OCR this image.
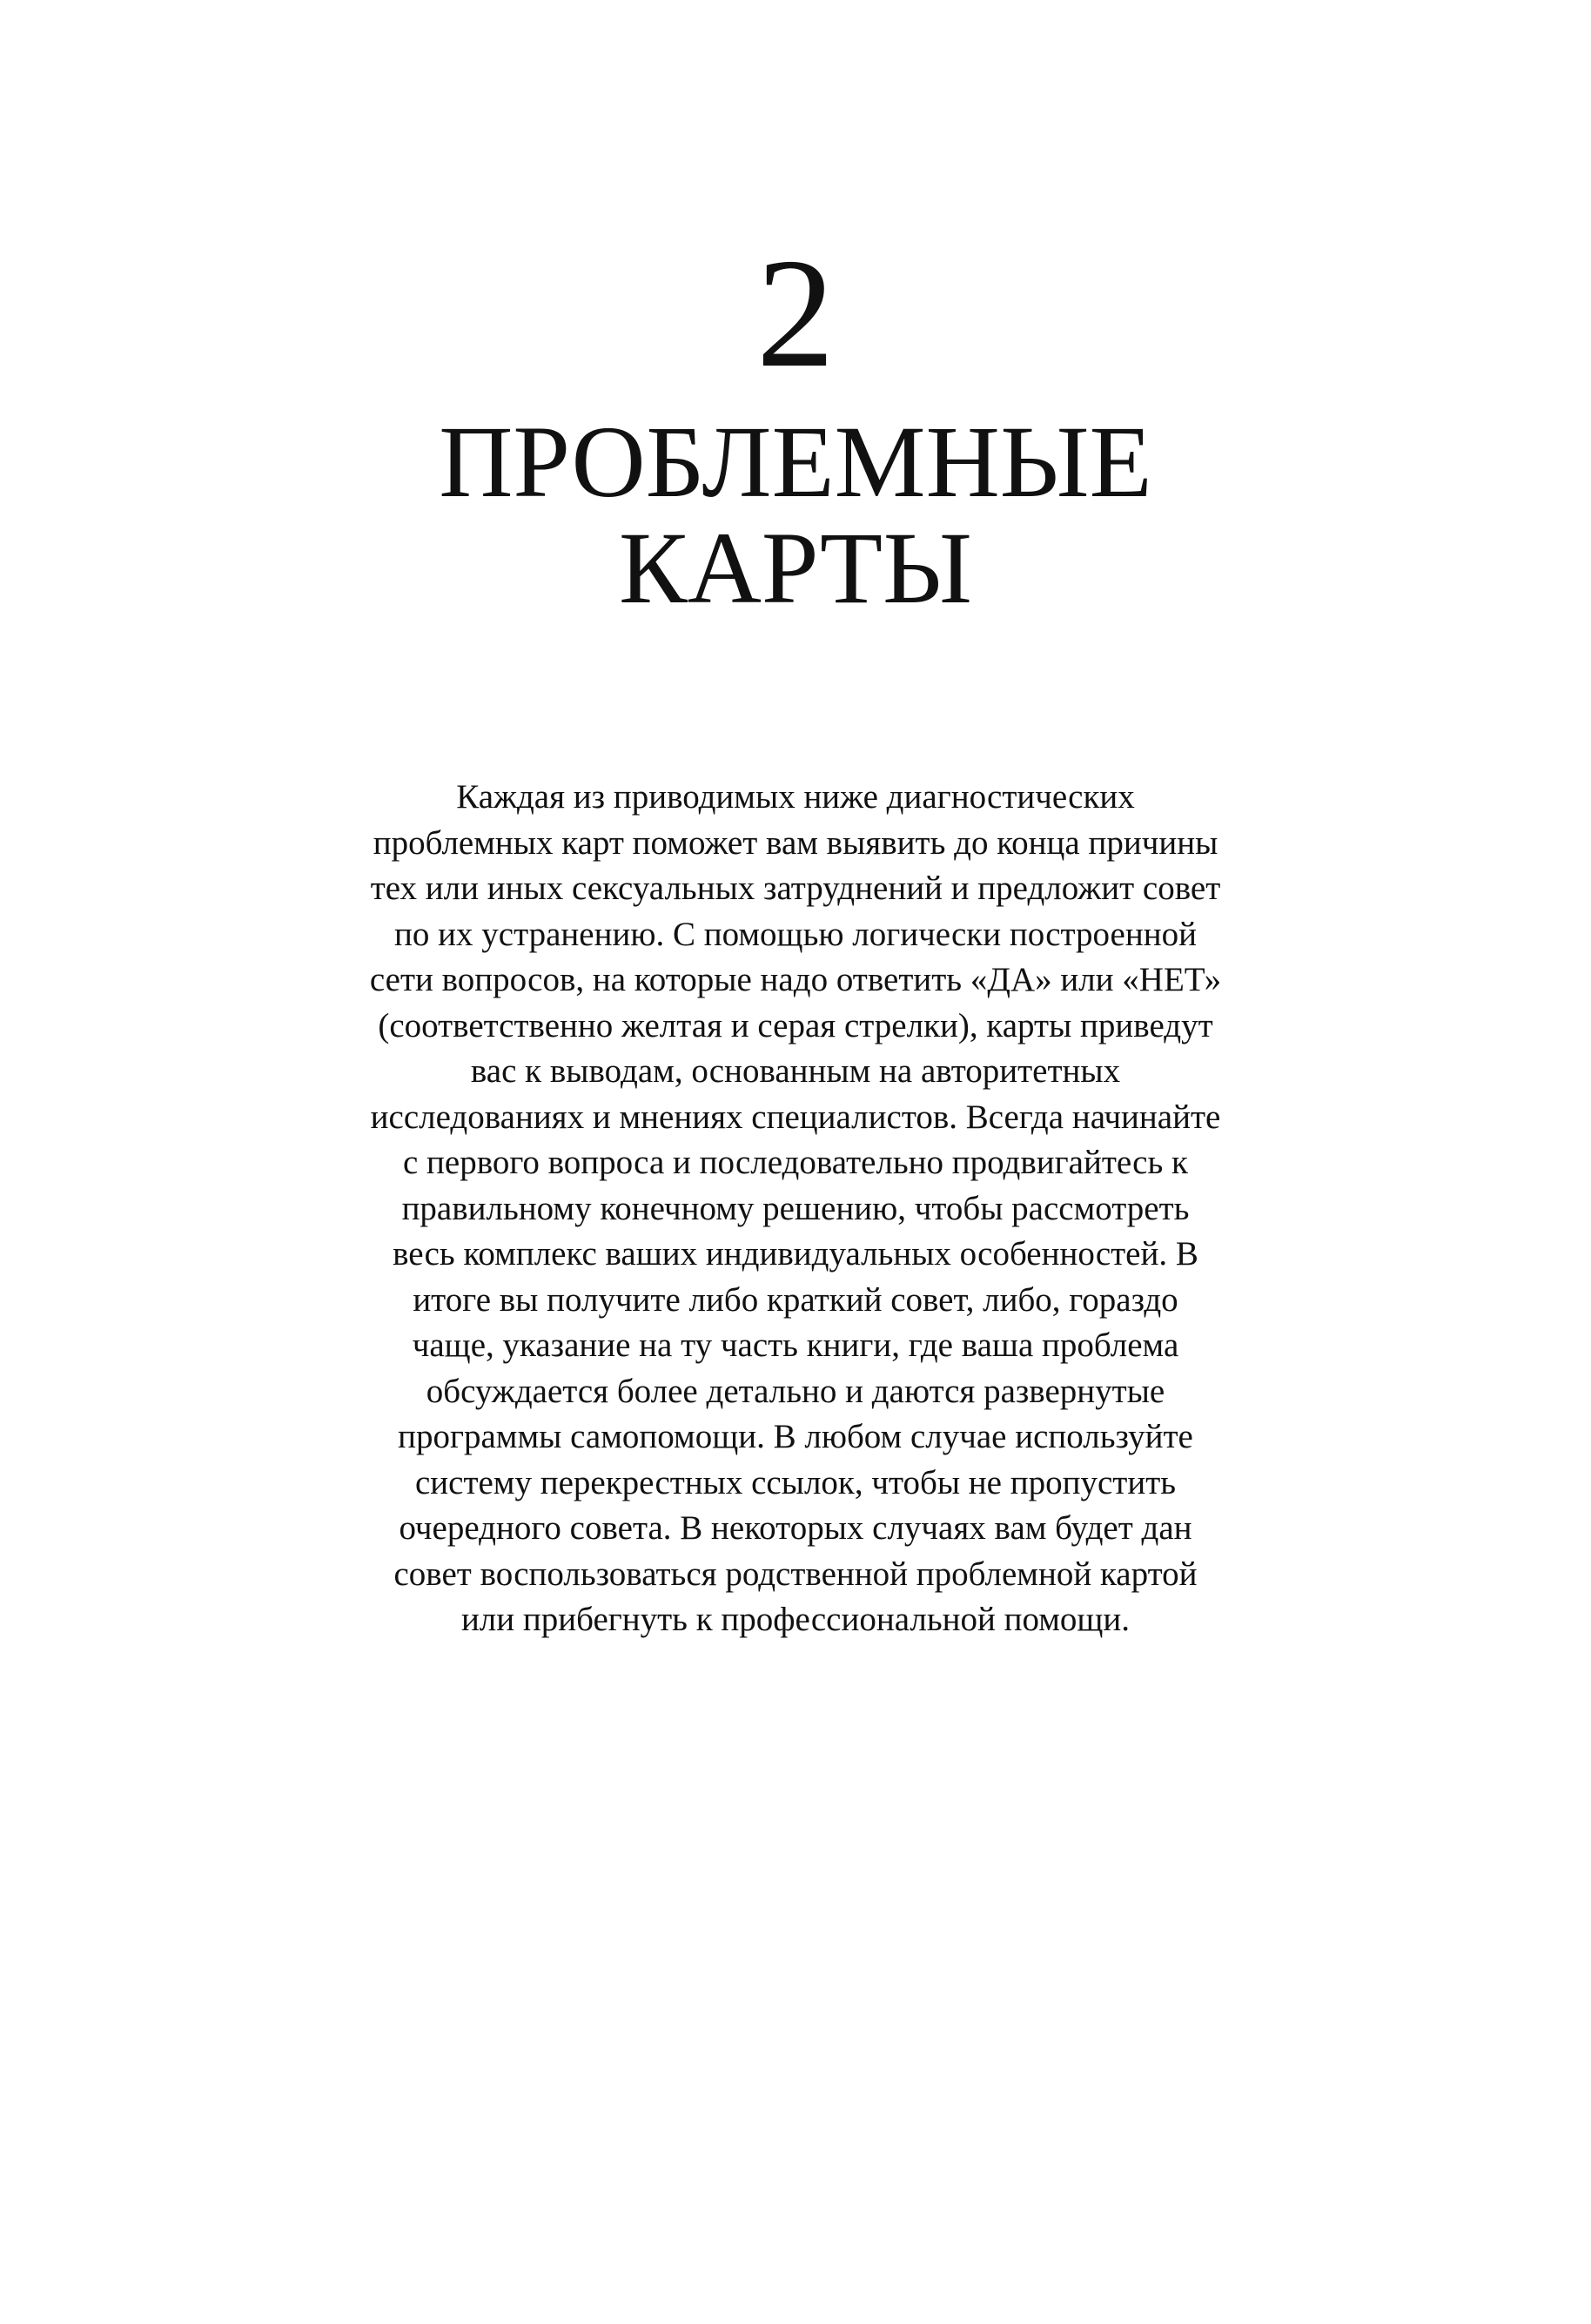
2
ПРОБЛЕМНЫЕ
КАРТЫ

Каждая из приводимых ниже диагностических
проблемных карт поможет вам выявить до конца причины
тех или иных сексуальных затруднений и предложит совет
по их устранению. С помощью логически построенной
сети вопросов, на которые надо ответить «ДА» или «НЕТ»
(соответственно желтая и серая стрелки), карты приведут
вас к выводам, основанным на авторитетных
исследованиях и мнениях специалистов. Всегда начинайте
с первого вопроса и последовательно продвигайтесь к
правильному конечному решению, чтобы рассмотреть
весь комплекс ваших индивидуальных особенностей. В
итоге вы получите либо краткий совет, либо, гораздо
чаще, указание на ту часть книги, где ваша проблема
обсуждается более детально и даются развернутые
программы самопомощи. В любом случае используйте
систему перекрестных ссылок, чтобы не пропустить
очередного совета. В некоторых случаях вам будет дан
совет воспользоваться родственной проблемной картой
или прибегнуть к профессиональной помощи.
